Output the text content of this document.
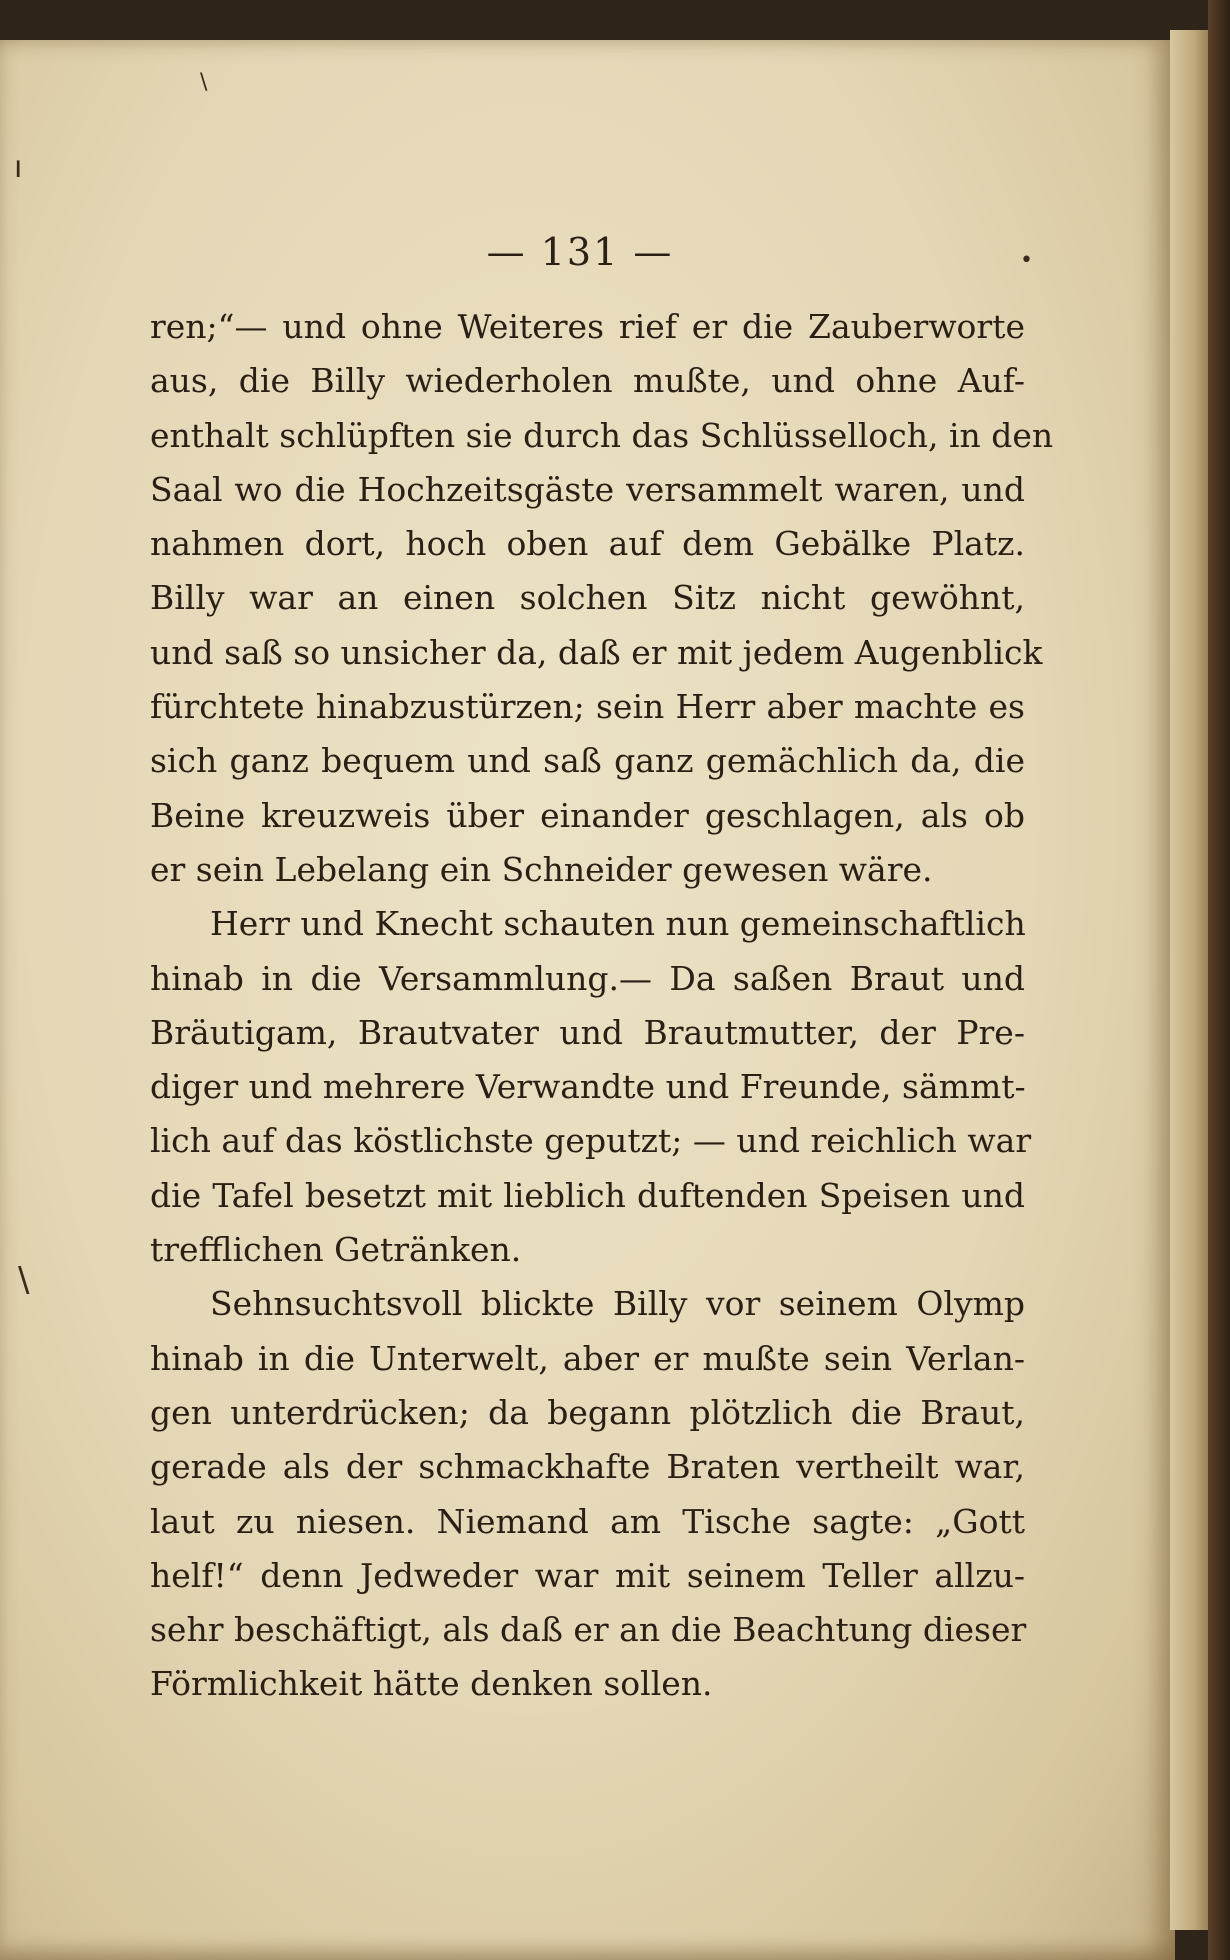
ı
\
•
\
— 131 —
ren;“— und ohne Weiteres rief er die Zauberworte
aus, die Billy wiederholen mußte, und ohne Auf-
enthalt schlüpften sie durch das Schlüsselloch, in den
Saal wo die Hochzeitsgäste versammelt waren, und
nahmen dort, hoch oben auf dem Gebälke Platz.
Billy war an einen solchen Sitz nicht gewöhnt,
und saß so unsicher da, daß er mit jedem Augenblick
fürchtete hinabzustürzen; sein Herr aber machte es
sich ganz bequem und saß ganz gemächlich da, die
Beine kreuzweis über einander geschlagen, als ob
er sein Lebelang ein Schneider gewesen wäre.
Herr und Knecht schauten nun gemeinschaftlich
hinab in die Versammlung.— Da saßen Braut und
Bräutigam, Brautvater und Brautmutter, der Pre-
diger und mehrere Verwandte und Freunde, sämmt-
lich auf das köstlichste geputzt; — und reichlich war
die Tafel besetzt mit lieblich duftenden Speisen und
trefflichen Getränken.
Sehnsuchtsvoll blickte Billy vor seinem Olymp
hinab in die Unterwelt, aber er mußte sein Verlan-
gen unterdrücken; da begann plötzlich die Braut,
gerade als der schmackhafte Braten vertheilt war,
laut zu niesen. Niemand am Tische sagte: „Gott
helf!“ denn Jedweder war mit seinem Teller allzu-
sehr beschäftigt, als daß er an die Beachtung dieser
Förmlichkeit hätte denken sollen.
